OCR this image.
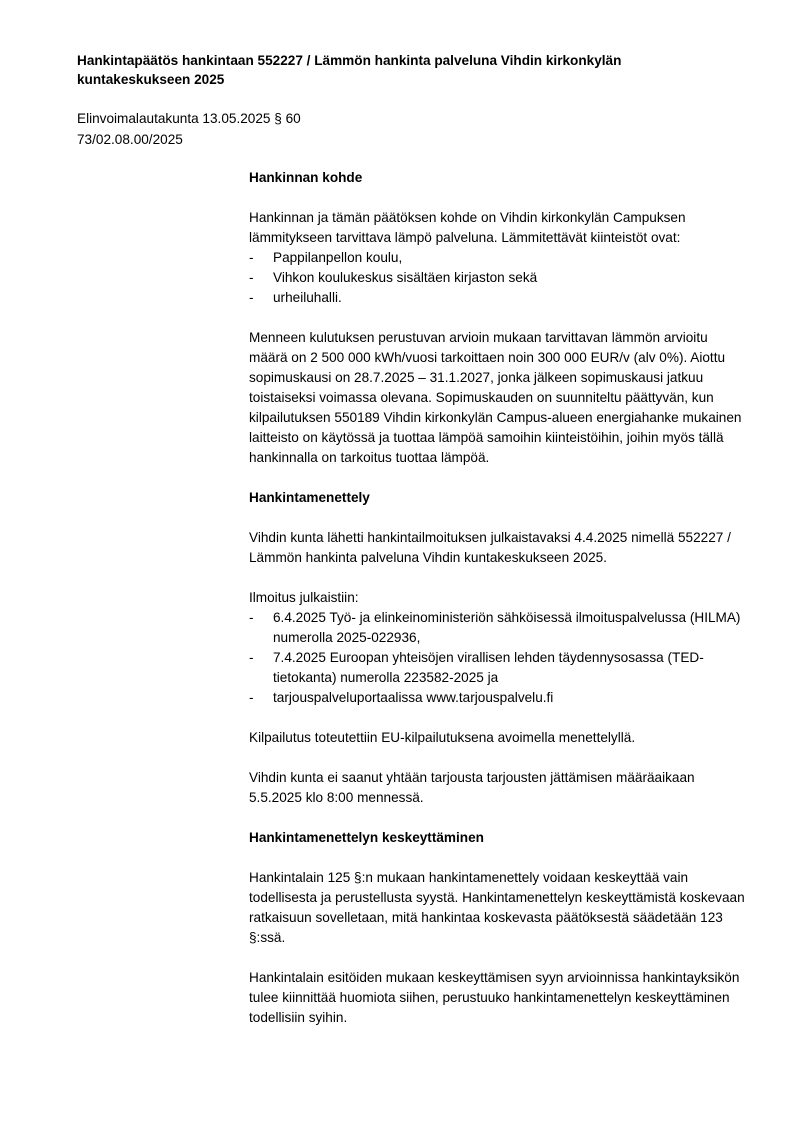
Hankintapäätös hankintaan 552227 / Lämmön hankinta palveluna Vihdin kirkonkylän kuntakeskukseen 2025
Elinvoimalautakunta 13.05.2025 § 60
73/02.08.00/2025
Hankinnan kohde

Hankinnan ja tämän päätöksen kohde on Vihdin kirkonkylän Campuksen lämmitykseen tarvittava lämpö palveluna. Lämmitettävät kiinteistöt ovat:

- Pappilanpellon koulu,
- Vihkon koulukeskus sisältäen kirjaston sekä
- urheiluhalli.

Menneen kulutuksen perustuvan arvioin mukaan tarvittavan lämmön arvioitu määrä on 2 500 000 kWh/vuosi tarkoittaen noin 300 000 EUR/v (alv 0%). Aiottu sopimuskausi on 28.7.2025 – 31.1.2027, jonka jälkeen sopimuskausi jatkuu toistaiseksi voimassa olevana. Sopimuskauden on suunniteltu päättyvän, kun kilpailutuksen 550189 Vihdin kirkonkylän Campus-alueen energiahanke mukainen laitteisto on käytössä ja tuottaa lämpöä samoihin kiinteistöihin, joihin myös tällä hankinnalla on tarkoitus tuottaa lämpöä.

Hankintamenettely

Vihdin kunta lähetti hankintailmoituksen julkaistavaksi 4.4.2025 nimellä 552227 / Lämmön hankinta palveluna Vihdin kuntakeskukseen 2025.

Ilmoitus julkaistiin:

- 6.4.2025 Työ- ja elinkeinoministeriön sähköisessä ilmoituspalvelussa (HILMA) numerolla 2025-022936,
- 7.4.2025 Euroopan yhteisöjen virallisen lehden täydennysosassa (TED-tietokanta) numerolla 223582-2025 ja
- tarjouspalveluportaalissa www.tarjouspalvelu.fi

Kilpailutus toteutettiin EU-kilpailutuksena avoimella menettelyllä.

Vihdin kunta ei saanut yhtään tarjousta tarjousten jättämisen määräaikaan 5.5.2025 klo 8:00 mennessä.

Hankintamenettelyn keskeyttäminen

Hankintalain 125 §:n mukaan hankintamenettely voidaan keskeyttää vain todellisesta ja perustellusta syystä. Hankintamenettelyn keskeyttämistä koskevaan ratkaisuun sovelletaan, mitä hankintaa koskevasta päätöksestä säädetään 123 §:ssä.

Hankintalain esitöiden mukaan keskeyttämisen syyn arvioinnissa hankintayksikön tulee kiinnittää huomiota siihen, perustuuko hankintamenettelyn keskeyttäminen todellisiin syihin.
